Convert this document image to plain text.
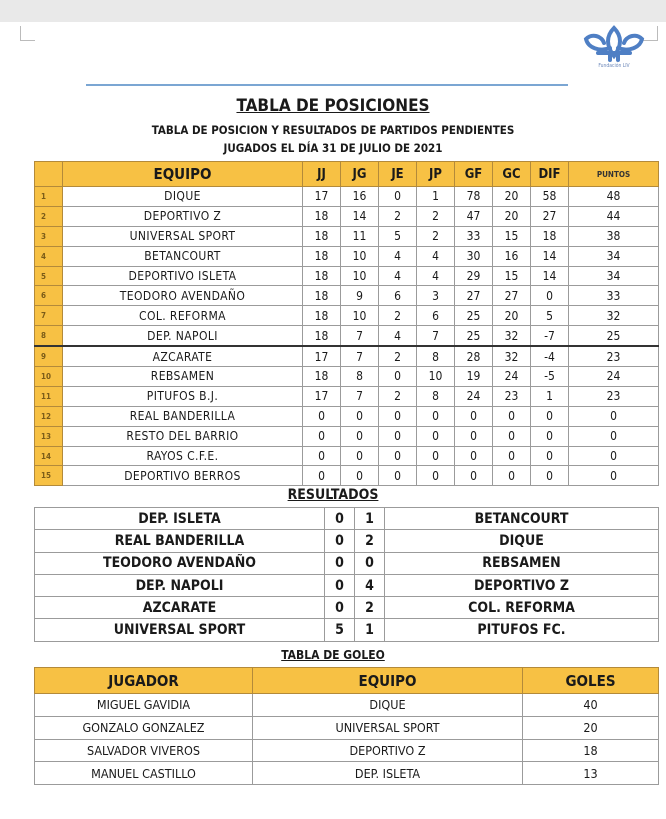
Fundación LIV
TABLA DE POSICIONES
TABLA DE POSICION Y RESULTADOS DE PARTIDOS PENDIENTES
JUGADOS EL DÍA 31 DE JULIO DE 2021
	EQUIPO	JJ	JG	JE	JP	GF	GC	DIF	PUNTOS
1	DIQUE	17	16	0	1	78	20	58	48
2	DEPORTIVO Z	18	14	2	2	47	20	27	44
3	UNIVERSAL SPORT	18	11	5	2	33	15	18	38
4	BETANCOURT	18	10	4	4	30	16	14	34
5	DEPORTIVO ISLETA	18	10	4	4	29	15	14	34
6	TEODORO AVENDAÑO	18	9	6	3	27	27	0	33
7	COL. REFORMA	18	10	2	6	25	20	5	32
8	DEP. NAPOLI	18	7	4	7	25	32	-7	25
9	AZCARATE	17	7	2	8	28	32	-4	23
10	REBSAMEN	18	8	0	10	19	24	-5	24
11	PITUFOS B.J.	17	7	2	8	24	23	1	23
12	REAL BANDERILLA	0	0	0	0	0	0	0	0
13	RESTO DEL BARRIO	0	0	0	0	0	0	0	0
14	RAYOS C.F.E.	0	0	0	0	0	0	0	0
15	DEPORTIVO BERROS	0	0	0	0	0	0	0	0
RESULTADOS
DEP. ISLETA	0	1	BETANCOURT
REAL BANDERILLA	0	2	DIQUE
TEODORO AVENDAÑO	0	0	REBSAMEN
DEP. NAPOLI	0	4	DEPORTIVO Z
AZCARATE	0	2	COL. REFORMA
UNIVERSAL SPORT	5	1	PITUFOS FC.
TABLA DE GOLEO
JUGADOR	EQUIPO	GOLES
MIGUEL GAVIDIA	DIQUE	40
GONZALO GONZALEZ	UNIVERSAL SPORT	20
SALVADOR VIVEROS	DEPORTIVO Z	18
MANUEL CASTILLO	DEP. ISLETA	13
